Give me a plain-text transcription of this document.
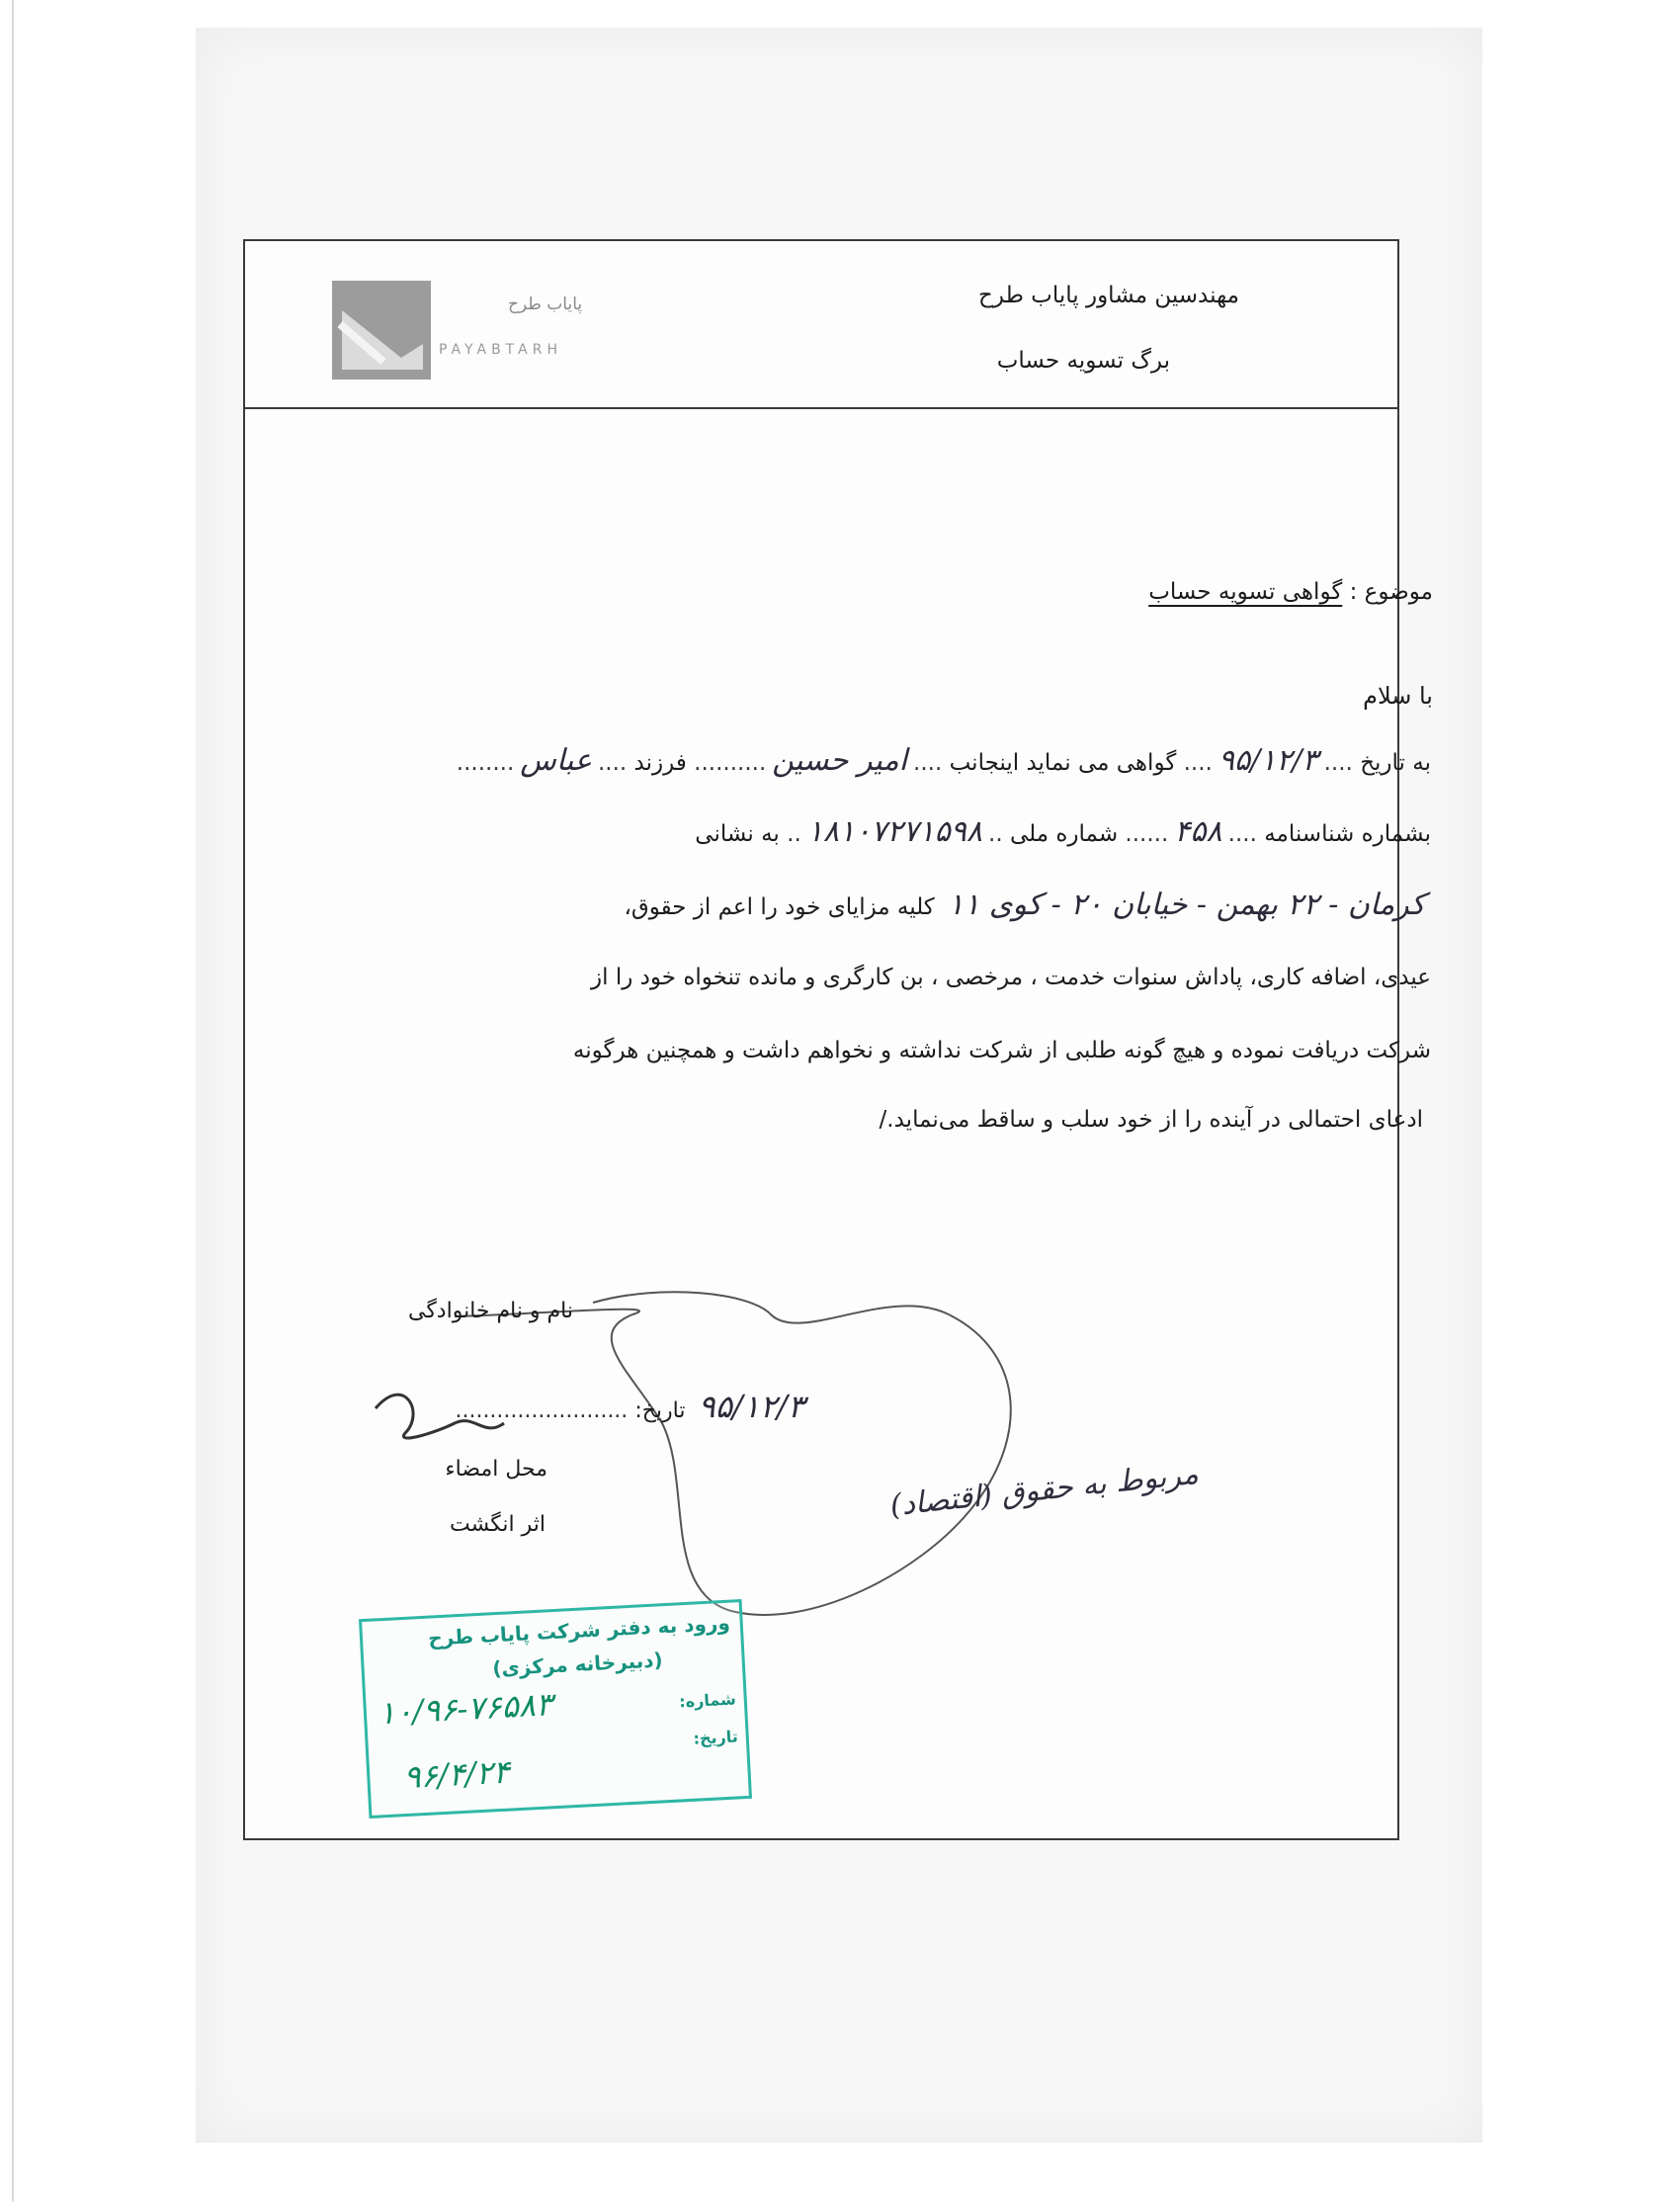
پایاب طرح
PAYABTARH
مهندسین مشاور پایاب طرح
برگ تسویه حساب
موضوع : گواهی تسویه حساب
با سلام
به تاریخ ....۹۵/۱۲/۳.... گواهی می نماید اینجانب ....امیر حسین.......... فرزند ....عباس........
بشماره شناسنامه ....۴۵۸...... شماره ملی ..۱۸۱۰۷۲۷۱۵۹۸.. به نشانی
کرمان - ۲۲ بهمن - خیابان ۲۰ - کوی ۱۱ کلیه مزایای خود را اعم از حقوق،
عیدی، اضافه کاری، پاداش سنوات خدمت ، مرخصی ، بن کارگری و مانده تنخواه خود را از
شرکت دریافت نموده و هیچ گونه طلبی از شرکت نداشته و نخواهم داشت و همچنین هرگونه
ادعای احتمالی در آینده را از خود سلب و ساقط می‌نماید./
نام و نام خانوادگی
۹۵/۱۲/۳ تاریخ: .........................
محل امضاء
اثر انگشت
مربوط به حقوق (اقتصاد)
ورود به دفتر شرکت پایاب طرح
(دبیرخانه مرکزی)
شماره:
۱۰/۹۶-۷۶۵۸۳
تاریخ:
۹۶/۴/۲۴
